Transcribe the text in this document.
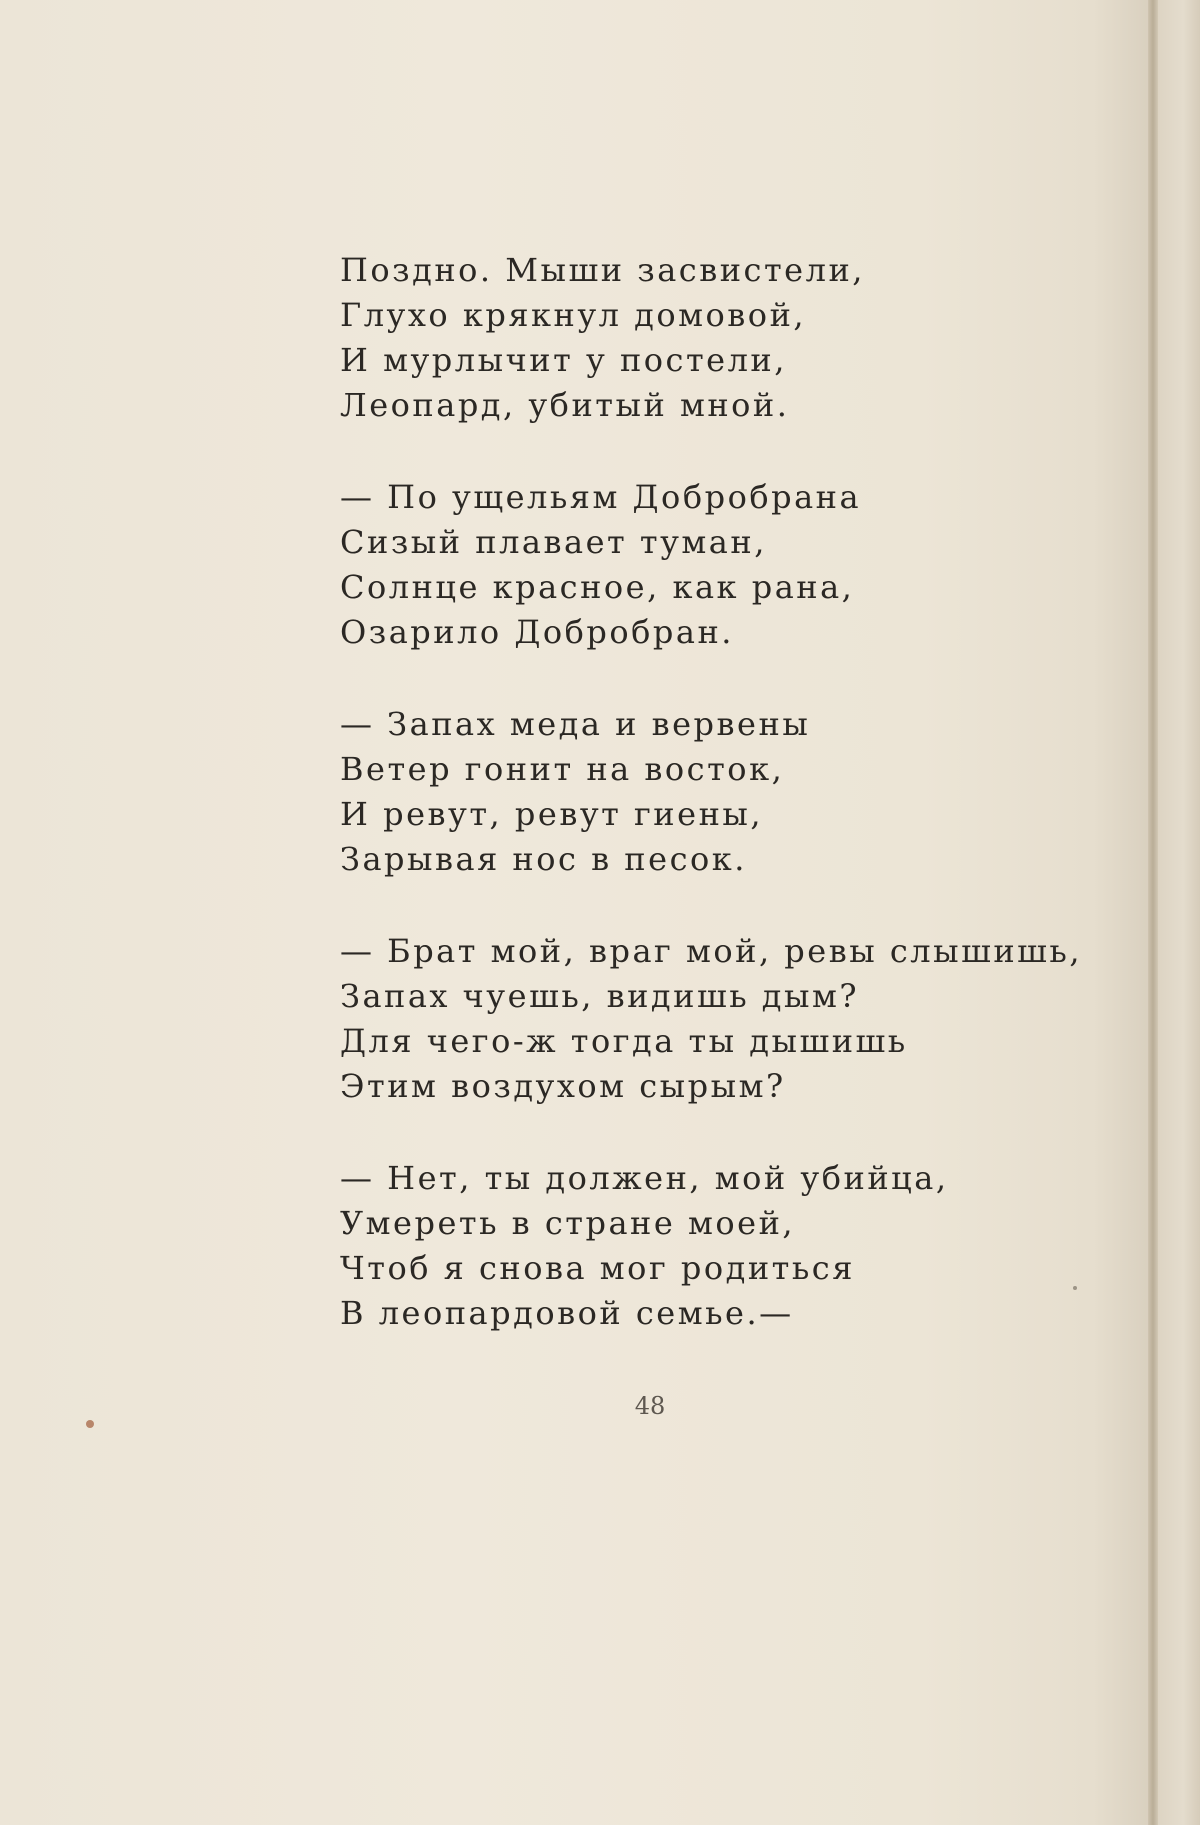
Поздно. Мыши засвистели,
Глухо крякнул домовой,
И мурлычит у постели,
Леопард, убитый мной.
— По ущельям Добробрана
Сизый плавает туман,
Солнце красное, как рана,
Озарило Добробран.
— Запах меда и вервены
Ветер гонит на восток,
И ревут, ревут гиены,
Зарывая нос в песок.
— Брат мой, враг мой, ревы слышишь,
Запах чуешь, видишь дым?
Для чего-ж тогда ты дышишь
Этим воздухом сырым?
— Нет, ты должен, мой убийца,
Умереть в стране моей,
Чтоб я снова мог родиться
В леопардовой семье.—
48
